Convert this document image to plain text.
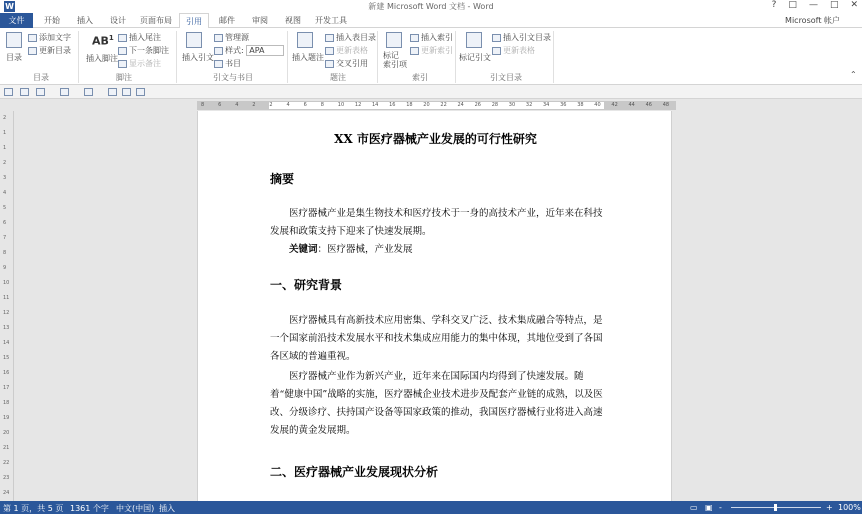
W	新建 Microsoft Word 文档 - Word	? □ — □ ✕
文件	开始	插入	设计	页面布局	引用	邮件	审阅	视图	开发工具	Microsoft 帐户
目录
添加文字
更新目录
目录
$AB^1$
插入脚注
插入尾注
下一条脚注
显示备注
脚注
插入引文
管理源
样式: APA
书目
引文与书目
插入题注
插入表目录
更新表格
交叉引用
题注
标记
索引项
插入索引
更新索引
索引
标记引文
插入引文目录
更新表格
引文目录	⌃
8	6	4	2	2	4	6	8	10 12 14 16 18 20 22 24 26 28 30 32 34 36 38 40 42 44 46 48
2
1
1
2
3
4
5
6
7
8
9
10
11
12
13
14
15
16
17
18
19
20
21
22
23
24
XX 市医疗器械产业发展的可行性研究
摘要
医疗器械产业是集生物技术和医疗技术于一身的高技术产业，近年来在科技发展和政策支持下迎来了快速发展期。
关键词：医疗器械，产业发展
一、研究背景
医疗器械具有高新技术应用密集、学科交叉广泛、技术集成融合等特点，是一个国家前沿技术发展水平和技术集成应用能力的集中体现，其地位受到了各国各区域的普遍重视。
医疗器械产业作为新兴产业，近年来在国际国内均得到了快速发展。随着“健康中国”战略的实施，医疗器械企业技术进步及配套产业链的成熟，以及医改、分级诊疗、扶持国产设备等国家政策的推动，我国医疗器械行业将进入高速发展的黄金发展期。
二、医疗器械产业发展现状分析
第 1 页，共 5 页 1361 个字 中文(中国) 插入	▭ ▣ -	+ 100%
